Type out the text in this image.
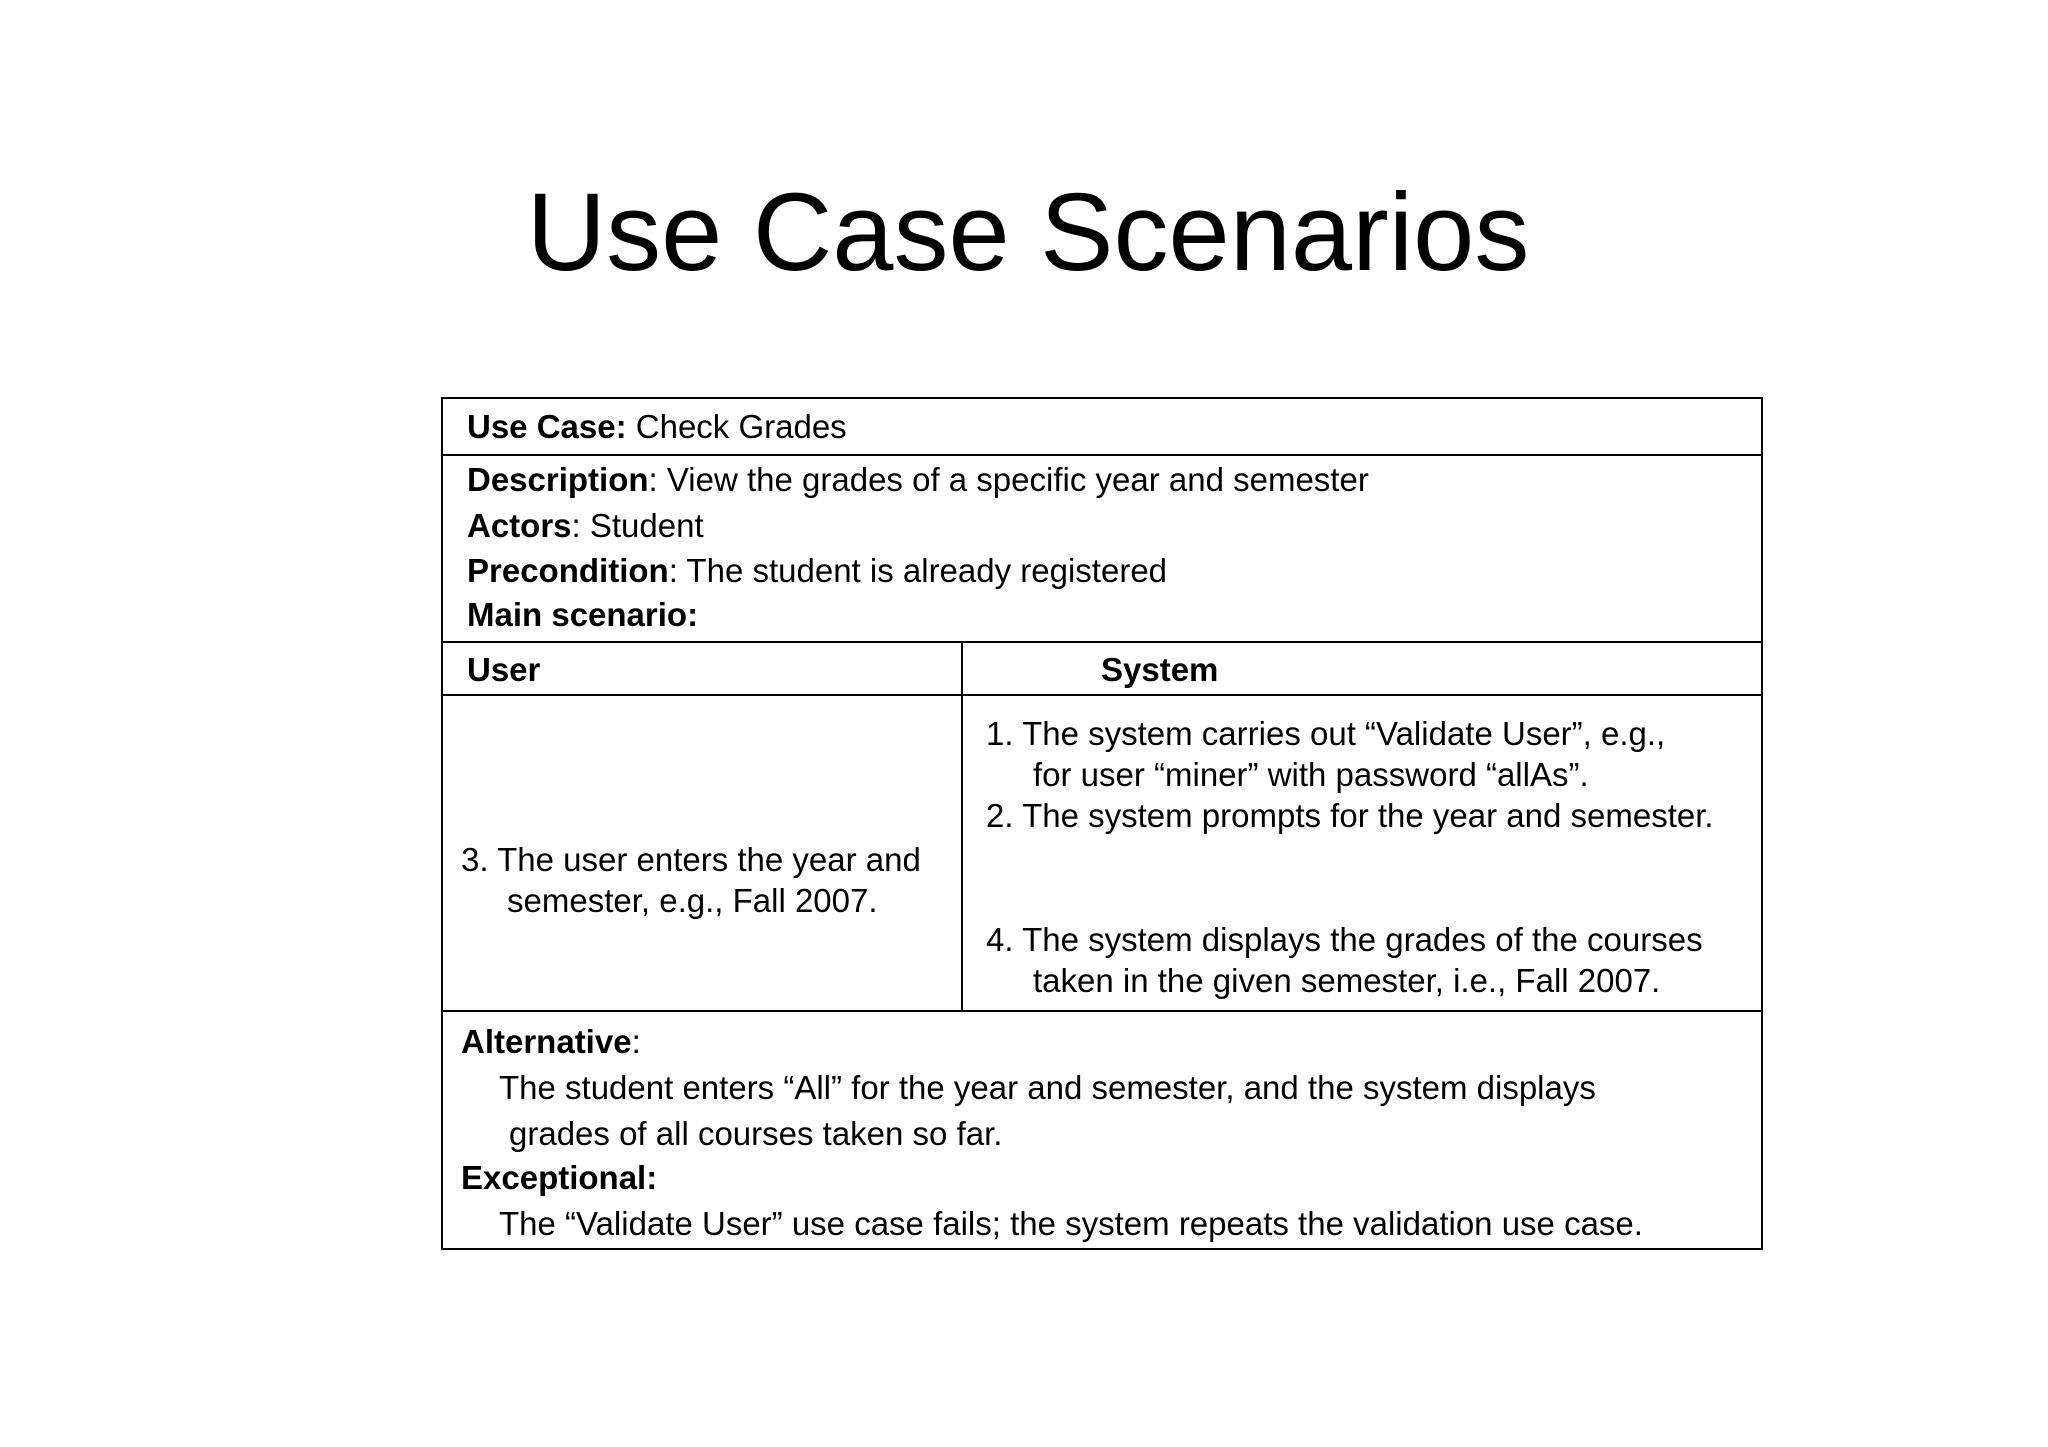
Use Case Scenarios
Use Case: Check Grades
Description: View the grades of a specific year and semester
Actors: Student
Precondition: The student is already registered
Main scenario:
User	System
3. The user enters the year and
semester, e.g., Fall 2007.
1. The system carries out “Validate User”, e.g.,
for user “miner” with password “allAs”.
2. The system prompts for the year and semester.
4. The system displays the grades of the courses
taken in the given semester, i.e., Fall 2007.
Alternative:
The student enters “All” for the year and semester, and the system displays
grades of all courses taken so far.
Exceptional:
The “Validate User” use case fails; the system repeats the validation use case.
